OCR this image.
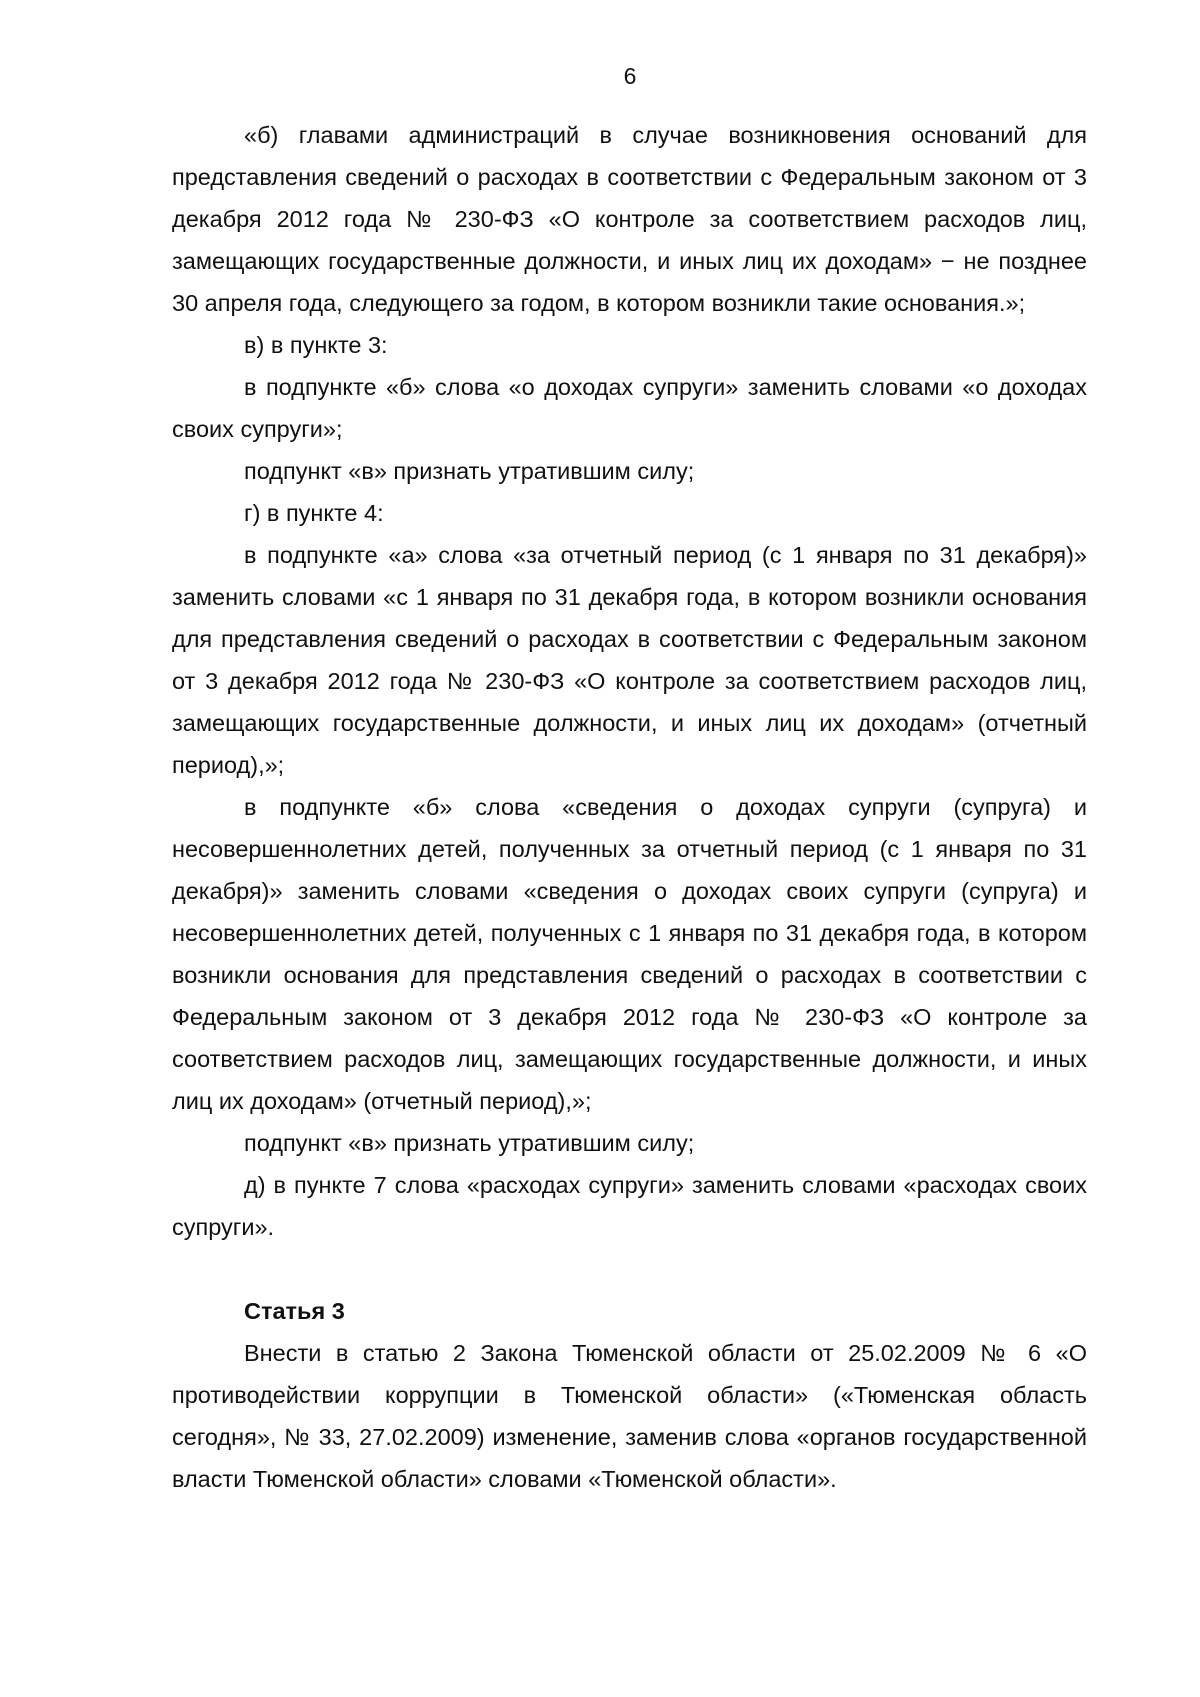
6

«б) главами администраций в случае возникновения оснований для представления сведений о расходах в соответствии с Федеральным законом от 3 декабря 2012 года № 230-ФЗ «О контроле за соответствием расходов лиц, замещающих государственные должности, и иных лиц их доходам» − не позднее 30 апреля года, следующего за годом, в котором возникли такие основания.»;

в) в пункте 3:

в подпункте «б» слова «о доходах супруги» заменить словами «о доходах своих супруги»;

подпункт «в» признать утратившим силу;

г) в пункте 4:

в подпункте «а» слова «за отчетный период (с 1 января по 31 декабря)» заменить словами «с 1 января по 31 декабря года, в котором возникли основания для представления сведений о расходах в соответствии с Федеральным законом от 3 декабря 2012 года № 230-ФЗ «О контроле за соответствием расходов лиц, замещающих государственные должности, и иных лиц их доходам» (отчетный период),»;

в подпункте «б» слова «сведения о доходах супруги (супруга) и несовершеннолетних детей, полученных за отчетный период (с 1 января по 31 декабря)» заменить словами «сведения о доходах своих супруги (супруга) и несовершеннолетних детей, полученных с 1 января по 31 декабря года, в котором возникли основания для представления сведений о расходах в соответствии с Федеральным законом от 3 декабря 2012 года № 230-ФЗ «О контроле за соответствием расходов лиц, замещающих государственные должности, и иных лиц их доходам» (отчетный период),»;

подпункт «в» признать утратившим силу;

д) в пункте 7 слова «расходах супруги» заменить словами «расходах своих супруги».

Статья 3

Внести в статью 2 Закона Тюменской области от 25.02.2009 № 6 «О противодействии коррупции в Тюменской области» («Тюменская область сегодня», № 33, 27.02.2009) изменение, заменив слова «органов государственной власти Тюменской области» словами «Тюменской области».
